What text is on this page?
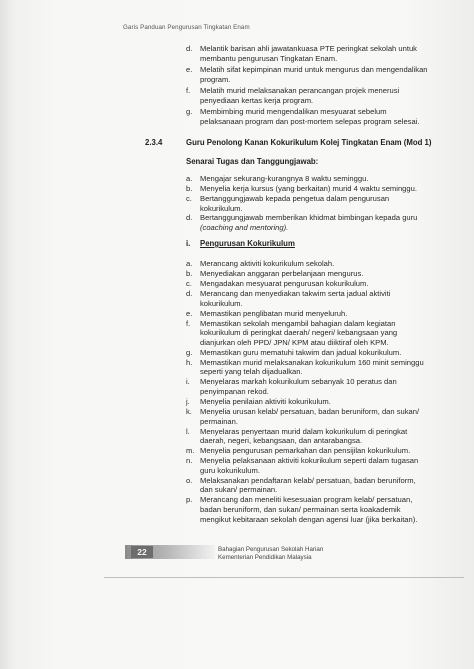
Garis Panduan Pengurusan Tingkatan Enam
d.	Melantik barisan ahli jawatankuasa PTE peringkat sekolah untuk
membantu pengurusan Tingkatan Enam.
e.	Melatih sifat kepimpinan murid untuk mengurus dan mengendalikan
program.
f.	Melatih murid melaksanakan perancangan projek menerusi
penyediaan kertas kerja program.
g.	Membimbing murid mengendalikan mesyuarat sebelum
pelaksanaan program dan post-mortem selepas program selesai.
2.3.4	Guru Penolong Kanan Kokurikulum Kolej Tingkatan Enam (Mod 1)
Senarai Tugas dan Tanggungjawab:
a.	Mengajar sekurang-kurangnya 8 waktu seminggu.
b.	Menyelia kerja kursus (yang berkaitan) murid 4 waktu seminggu.
c.	Bertanggungjawab kepada pengetua dalam pengurusan
kokurikulum.
d.	Bertanggungjawab memberikan khidmat bimbingan kepada guru
(coaching and mentoring).
i. Pengurusan Kokurikulum
a.	Merancang aktiviti kokurikulum sekolah.
b.	Menyediakan anggaran perbelanjaan mengurus.
c.	Mengadakan mesyuarat pengurusan kokurikulum.
d.	Merancang dan menyediakan takwim serta jadual aktiviti
kokurikulum.
e.	Memastikan penglibatan murid menyeluruh.
f.	Memastikan sekolah mengambil bahagian dalam kegiatan
kokurikulum di peringkat daerah/ negeri/ kebangsaan yang
dianjurkan oleh PPD/ JPN/ KPM atau diiktiraf oleh KPM.
g.	Memastikan guru mematuhi takwim dan jadual kokurikulum.
h.	Memastikan murid melaksanakan kokurikulum 160 minit seminggu
seperti yang telah dijadualkan.
i.	Menyelaras markah kokurikulum sebanyak 10 peratus dan
penyimpanan rekod.
j.	Menyelia penilaian aktiviti kokurikulum.
k.	Menyelia urusan kelab/ persatuan, badan beruniform, dan sukan/
permainan.
l.	Menyelaras penyertaan murid dalam kokurikulum di peringkat
daerah, negeri, kebangsaan, dan antarabangsa.
m. Menyelia pengurusan pemarkahan dan pensijilan kokurikulum.
n.	Menyelia pelaksanaan aktiviti kokurikulum seperti dalam tugasan
guru kokurikulum.
o.	Melaksanakan pendaftaran kelab/ persatuan, badan beruniform,
dan sukan/ permainan.
p.	Merancang dan meneliti kesesuaian program kelab/ persatuan,
badan beruniform, dan sukan/ permainan serta koakademik
mengikut kebitaraan sekolah dengan agensi luar (jika berkaitan).
22	Bahagian Pengurusan Sekolah Harian
Kementerian Pendidikan Malaysia
